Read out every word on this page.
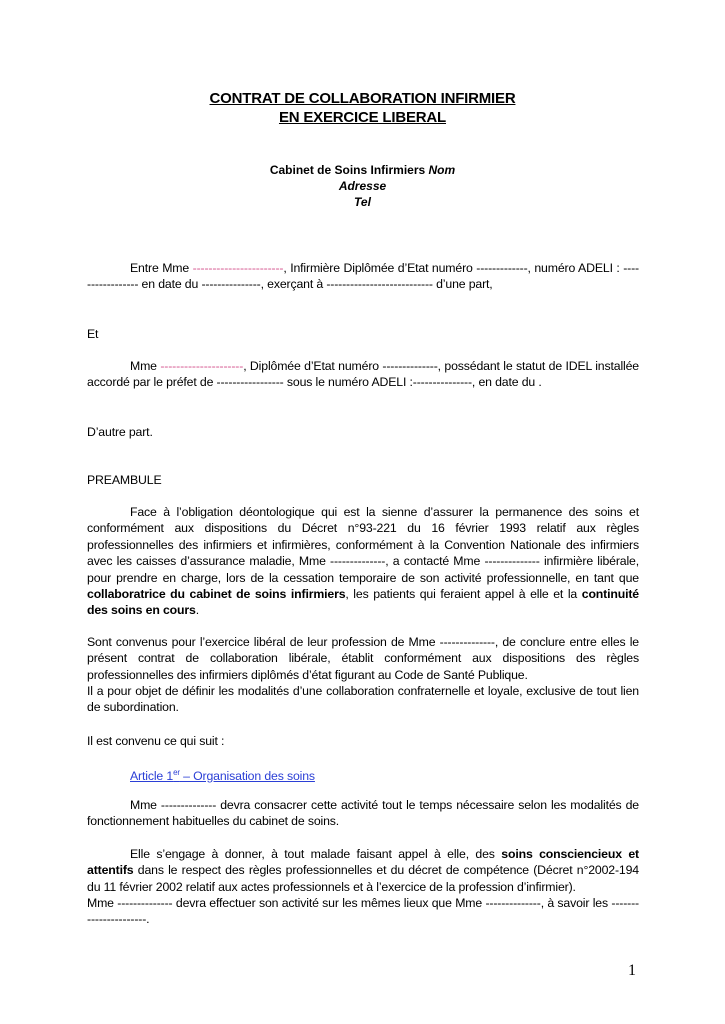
CONTRAT DE COLLABORATION INFIRMIER
EN EXERCICE LIBERAL
Cabinet de Soins Infirmiers Nom
Adresse
Tel
Entre Mme -----------------------, Infirmière Diplômée d’Etat numéro -------------, numéro ADELI : ----------------- en date du ---------------, exerçant à --------------------------- d’une part,
Et
Mme ---------------------, Diplômée d’Etat numéro --------------, possédant le statut de IDEL installée accordé par le préfet de ----------------- sous le numéro ADELI :---------------, en date du .
D’autre part.
PREAMBULE
Face à l’obligation déontologique qui est la sienne d’assurer la permanence des soins et conformément aux dispositions du Décret n°93-221 du 16 février 1993 relatif aux règles professionnelles des infirmiers et infirmières, conformément à la Convention Nationale des infirmiers avec les caisses d’assurance maladie, Mme --------------, a contacté Mme -------------- infirmière libérale, pour prendre en charge, lors de la cessation temporaire de son activité professionnelle, en tant que collaboratrice du cabinet de soins infirmiers, les patients qui feraient appel à elle et la continuité des soins en cours.
Sont convenus pour l’exercice libéral de leur profession de Mme --------------, de conclure entre elles le présent contrat de collaboration libérale, établit conformément aux dispositions des règles professionnelles des infirmiers diplômés d’état figurant au Code de Santé Publique.
Il a pour objet de définir les modalités d’une collaboration confraternelle et loyale, exclusive de tout lien de subordination.
Il est convenu ce qui suit :
Article 1er – Organisation des soins
Mme -------------- devra consacrer cette activité tout le temps nécessaire selon les modalités de fonctionnement habituelles du cabinet de soins.
Elle s’engage à donner, à tout malade faisant appel à elle, des soins consciencieux et attentifs dans le respect des règles professionnelles et du décret de compétence (Décret n°2002-194 du 11 février 2002 relatif aux actes professionnels et à l’exercice de la profession d’infirmier).
Mme -------------- devra effectuer son activité sur les mêmes lieux que Mme --------------, à savoir les ----------------------.
1
